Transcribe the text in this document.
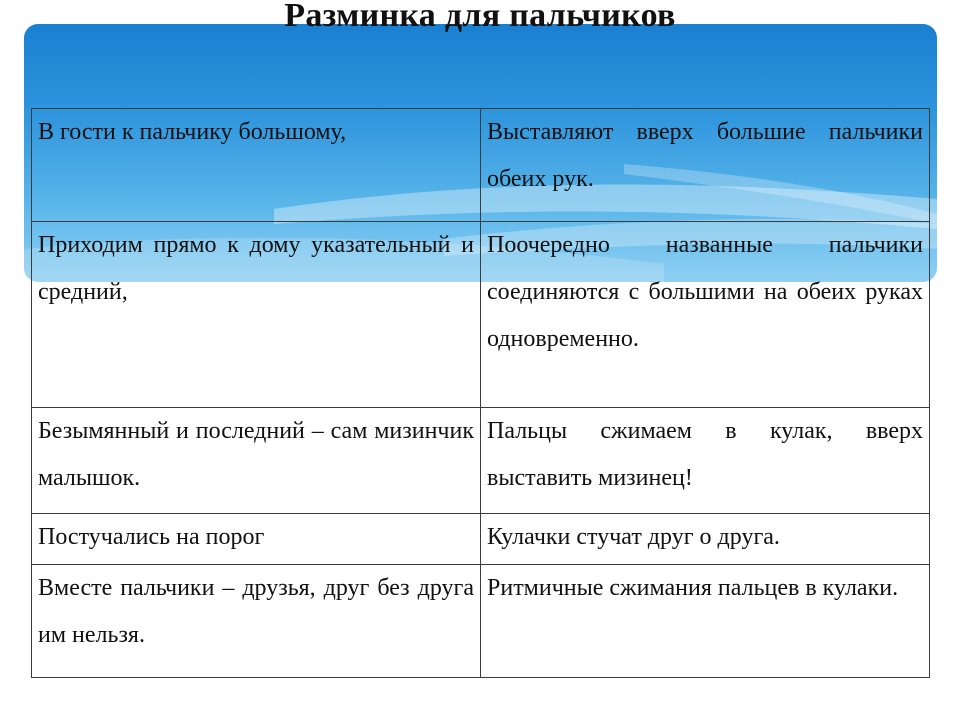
Разминка для пальчиков
В гости к пальчику большому,	Выставляют вверх большие пальчики обеих рук.
Приходим прямо к дому указательный и средний,	Поочередно названные пальчики соединяются с большими на обеих руках одновременно.
Безымянный и последний – сам мизинчик малышок.	Пальцы сжимаем в кулак, вверх выставить мизинец!
Постучались на порог	Кулачки стучат друг о друга.
Вместе пальчики – друзья, друг без друга им нельзя.	Ритмичные сжимания пальцев в кулаки.
